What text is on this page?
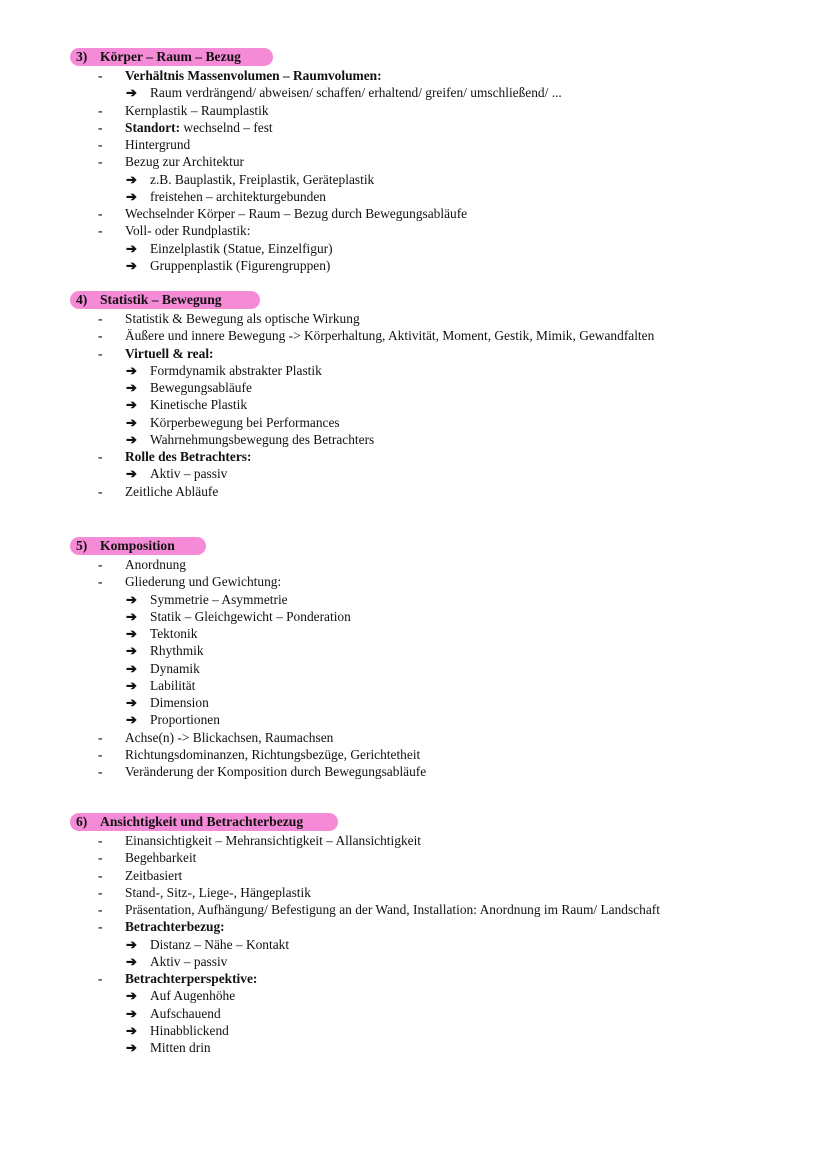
3) Körper – Raum – Bezug
- Verhältnis Massenvolumen – Raumvolumen:
➔ Raum verdrängend/ abweisen/ schaffen/ erhaltend/ greifen/ umschließend/ ...
- Kernplastik – Raumplastik
- Standort: wechselnd – fest
- Hintergrund
- Bezug zur Architektur
➔ z.B. Bauplastik, Freiplastik, Geräteplastik
➔ freistehen – architekturgebunden
- Wechselnder Körper – Raum – Bezug durch Bewegungsabläufe
- Voll- oder Rundplastik:
➔ Einzelplastik (Statue, Einzelfigur)
➔ Gruppenplastik (Figurengruppen)
4) Statistik – Bewegung
- Statistik & Bewegung als optische Wirkung
- Äußere und innere Bewegung -> Körperhaltung, Aktivität, Moment, Gestik, Mimik, Gewandfalten
- Virtuell & real:
➔ Formdynamik abstrakter Plastik
➔ Bewegungsabläufe
➔ Kinetische Plastik
➔ Körperbewegung bei Performances
➔ Wahrnehmungsbewegung des Betrachters
- Rolle des Betrachters:
➔ Aktiv – passiv
- Zeitliche Abläufe
5) Komposition
- Anordnung
- Gliederung und Gewichtung:
➔ Symmetrie – Asymmetrie
➔ Statik – Gleichgewicht – Ponderation
➔ Tektonik
➔ Rhythmik
➔ Dynamik
➔ Labilität
➔ Dimension
➔ Proportionen
- Achse(n) -> Blickachsen, Raumachsen
- Richtungsdominanzen, Richtungsbezüge, Gerichtetheit
- Veränderung der Komposition durch Bewegungsabläufe
6) Ansichtigkeit und Betrachterbezug
- Einansichtigkeit – Mehransichtigkeit – Allansichtigkeit
- Begehbarkeit
- Zeitbasiert
- Stand-, Sitz-, Liege-, Hängeplastik
- Präsentation, Aufhängung/ Befestigung an der Wand, Installation: Anordnung im Raum/ Landschaft
- Betrachterbezug:
➔ Distanz – Nähe – Kontakt
➔ Aktiv – passiv
- Betrachterperspektive:
➔ Auf Augenhöhe
➔ Aufschauend
➔ Hinabblickend
➔ Mitten drin
